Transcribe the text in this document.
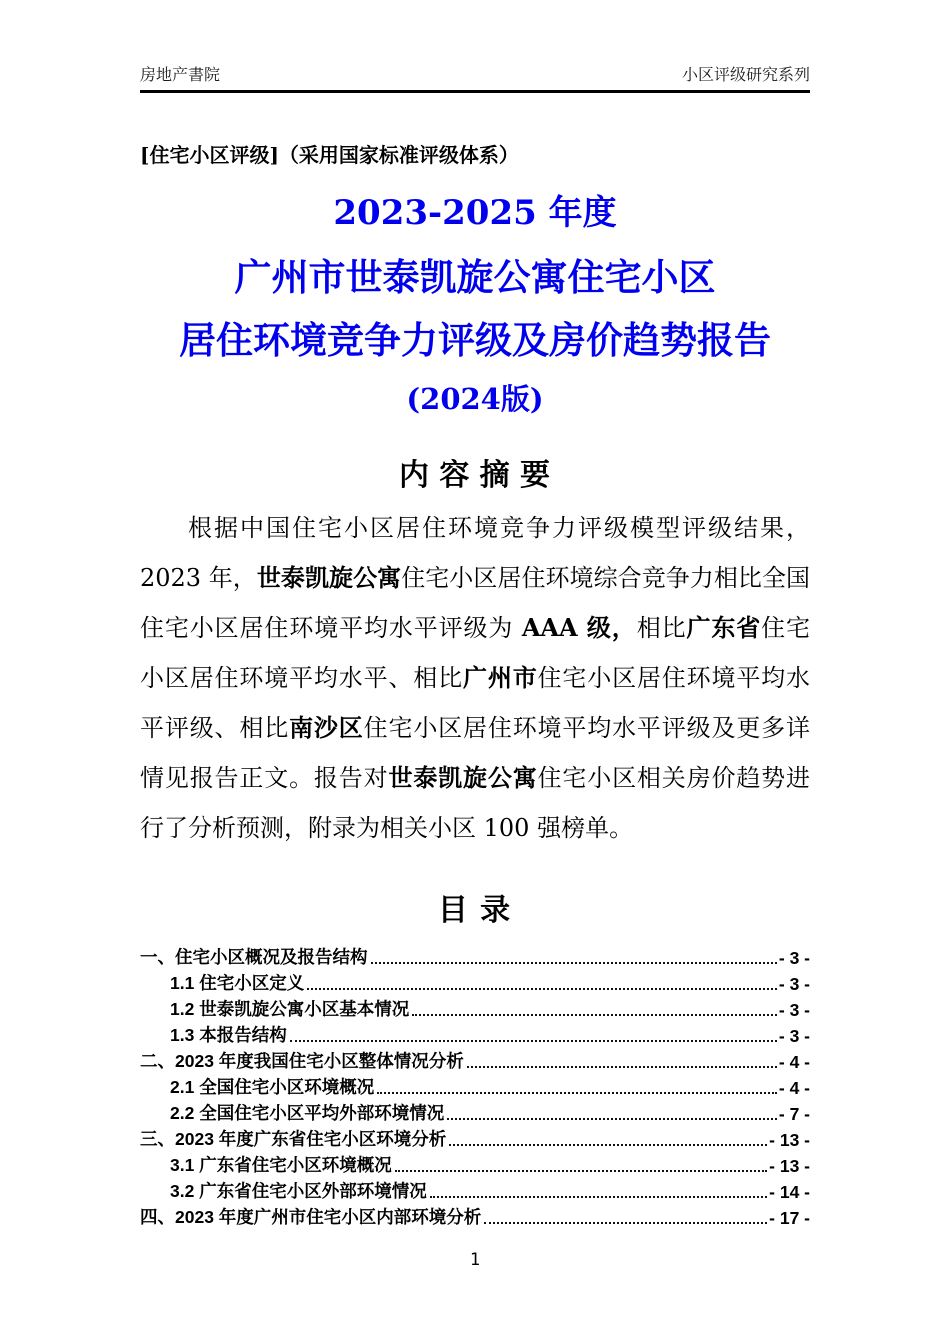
房地产書院	小区评级研究系列
[住宅小区评级]（采用国家标准评级体系）
2023-2025 年度
广州市世泰凯旋公寓住宅小区
居住环境竞争力评级及房价趋势报告
(2024版)
内 容 摘 要

根据中国住宅小区居住环境竞争力评级模型评级结果，2023 年，世泰凯旋公寓住宅小区居住环境综合竞争力相比全国住宅小区居住环境平均水平评级为 AAA 级，相比广东省住宅小区居住环境平均水平、相比广州市住宅小区居住环境平均水平评级、相比南沙区住宅小区居住环境平均水平评级及更多详情见报告正文。报告对世泰凯旋公寓住宅小区相关房价趋势进行了分析预测，附录为相关小区 100 强榜单。

目 录
一、住宅小区概况及报告结构	- 3 -
1.1 住宅小区定义	- 3 -
1.2 世泰凯旋公寓小区基本情况	- 3 -
1.3 本报告结构	- 3 -
二、2023 年度我国住宅小区整体情况分析	- 4 -
2.1 全国住宅小区环境概况	- 4 -
2.2 全国住宅小区平均外部环境情况	- 7 -
三、2023 年度广东省住宅小区环境分析	- 13 -
3.1 广东省住宅小区环境概况	- 13 -
3.2 广东省住宅小区外部环境情况	- 14 -
四、2023 年度广州市住宅小区内部环境分析	- 17 -
1
